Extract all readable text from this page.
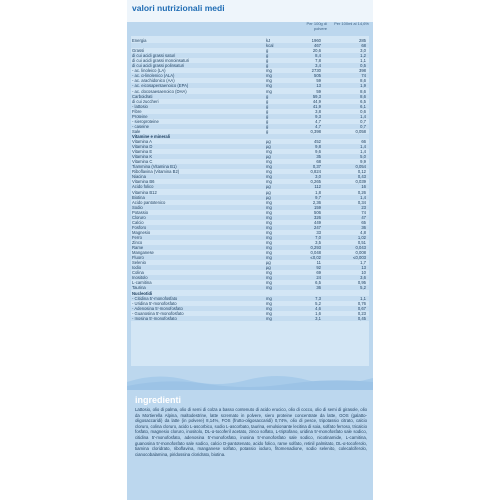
valori nutrizionali medi
Per 100g di polvere
Per 100ml al 14,6%
Energia	kJ	1960	285
kcal	467	68
Grassi	g	20,6	3,0
di cui acidi grassi saturi	g	8,4	1,2
di cui acidi grassi monoinsaturi	g	7,8	1,1
di cui acidi grassi polinsaturi	g	3,4	0,5
- ac. linoleico (LA)	mg	2730	398
- ac. α-linolenico (ALA)	mg	505	74
- ac. arachidonico (AA)	mg	59	8,6
- ac. eicosapentaenoico (EPA)	mg	13	1,9
- ac. docosaesaenoico (DHA)	mg	59	8,6
Carboidrati	g	59,3	8,6
di cui zuccheri	g	44,9	6,5
- lattosio	g	41,9	6,1
Fibre	g	3,8	0,6
Proteine	g	9,3	1,4
- sieroproteine	g	4,7	0,7
- caseine	g	4,7	0,7
Sale	g	0,398	0,058
Vitamine e minerali
Vitamina A	µg	452	66
Vitamina D	µg	9,8	1,4
Vitamina E	mg	9,6	1,4
Vitamina K	µg	35	5,0
Vitamina C	mg	68	9,9
Tiammina (Vitamina B1)	mg	0,37	0,054
Riboflavina (Vitamina B2)	mg	0,824	0,12
Niacina	mg	3,0	0,43
Vitamina B6	mg	0,265	0,039
Acido folico	µg	112	16
Vitamina B12	µg	1,8	0,26
Biotina	µg	9,7	1,4
Acido pantotenico	mg	2,36	0,34
Sodio	mg	159	23
Potassio	mg	506	74
Cloruro	mg	326	47
Calcio	mg	449	65
Fosforo	mg	247	36
Magnesio	mg	33	4,8
Ferro	mg	7,0	1,02
Zinco	mg	3,5	0,51
Rame	mg	0,293	0,043
Manganese	mg	0,048	0,008
Fluoro	mg	≤0,02	≤0,003
Selenio	µg	11	1,7
Iodio	µg	92	13
Colina	mg	69	10
Inositolo	mg	24	3,6
L-carnitina	mg	6,5	0,95
Taurina	mg	36	5,2
Nucleotidi
- Citidina 5'-monofosfato	mg	7,3	1,1
- Uridina 5'-monofosfato	mg	5,2	0,76
- Adenosina 5'-monofosfato	mg	4,6	0,67
- Guanosina 5'-monofosfato	mg	1,6	0,23
- Inosina 5'-monofosfato	mg	3,1	0,45
ingredienti
Lattosio, olio di palma, olio di semi di colza a basso contenuto di acido erucico, olio di cocco, olio di semi di girasole, olio da Mortierella Alpina, maltodestrine, latte scremato in polvere, siero proteine concentrate da latte, GOS (galatto-oligosaccaridi) da latte (in polvere) 8,14%, FOS (frutto-oligosaccaridi) 0,74%, olio di pesce, tripotassio citrato, calcio cloruro, colina cloruro, acido L-ascorbico, sodio L-ascorbato, taurina, emulsionante lecitina di soia, solfato ferroso, tricalcio fosfato, magnesio cloruro, inositolo, DL-α-tocoferil acetato, zinco solfato, L-triptofano, uridina 5'-monofosfato sale sodico, citidina 5'-monofosfato, adenosina 5'-monofosfato, inosina 5'-monofosfato sale sodico, nicotinamide, L-carnitina, guanosina 5'-monofosfato sale sodico, calcio D-pantotenato, acido folico, rame solfato, retinil palmitato, DL-α-tocoferolo, tiamina cloridrato, riboflavina, manganese solfato, potassio ioduro, fitomenadione, sodio selenito, colecalciferolo, cianocobalamina, piridossina cloridrato, biotina.
